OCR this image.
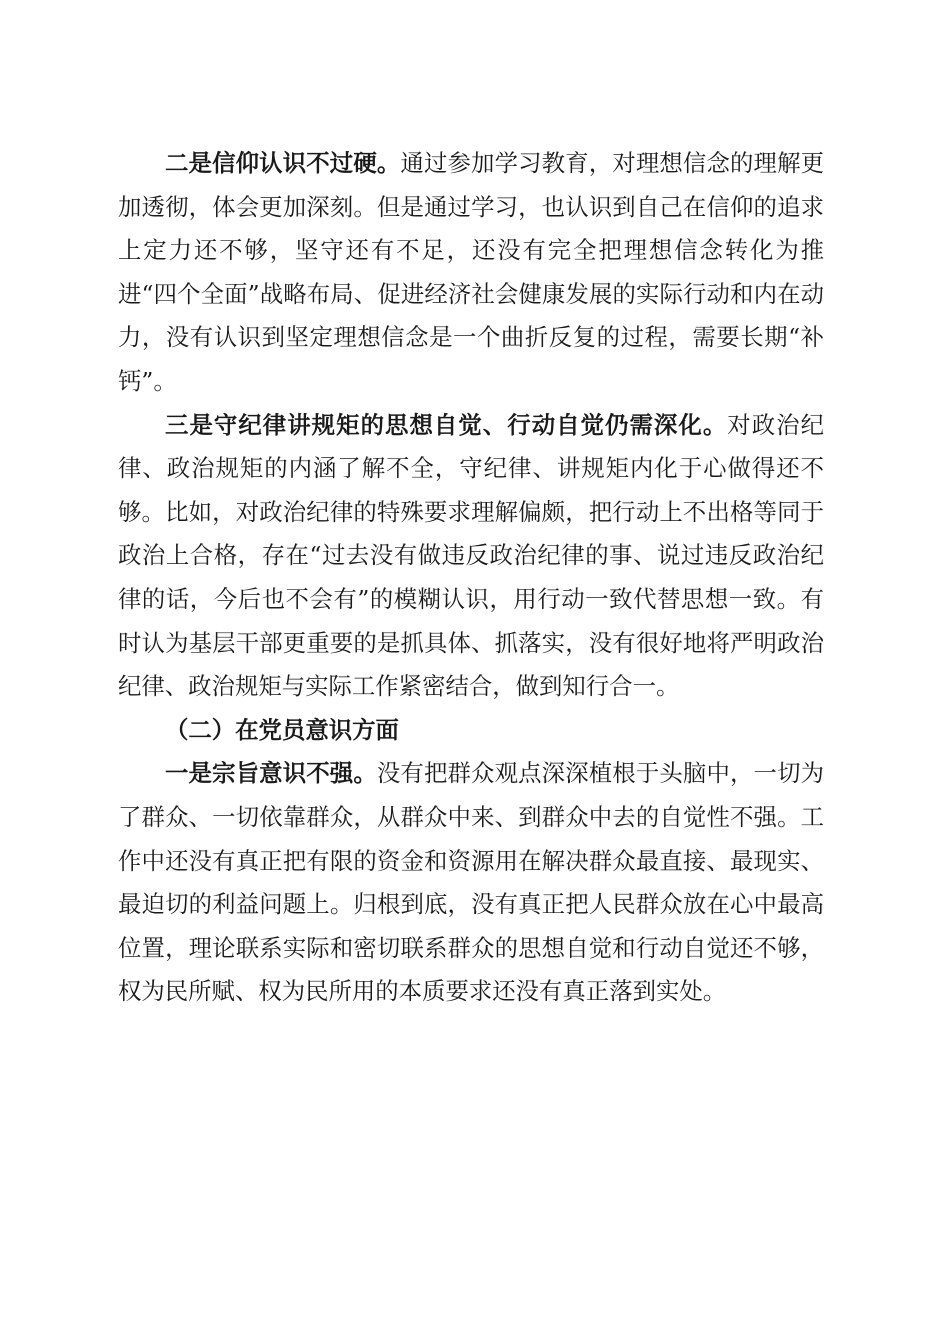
二是信仰认识不过硬。通过参加学习教育，对理想信念的理解更加透彻，体会更加深刻。但是通过学习，也认识到自己在信仰的追求上定力还不够，坚守还有不足，还没有完全把理想信念转化为推进“四个全面”战略布局、促进经济社会健康发展的实际行动和内在动力，没有认识到坚定理想信念是一个曲折反复的过程，需要长期“补钙”。

三是守纪律讲规矩的思想自觉、行动自觉仍需深化。对政治纪律、政治规矩的内涵了解不全，守纪律、讲规矩内化于心做得还不够。比如，对政治纪律的特殊要求理解偏颇，把行动上不出格等同于政治上合格，存在“过去没有做违反政治纪律的事、说过违反政治纪律的话，今后也不会有”的模糊认识，用行动一致代替思想一致。有时认为基层干部更重要的是抓具体、抓落实，没有很好地将严明政治纪律、政治规矩与实际工作紧密结合，做到知行合一。

（二）在党员意识方面

一是宗旨意识不强。没有把群众观点深深植根于头脑中，一切为了群众、一切依靠群众，从群众中来、到群众中去的自觉性不强。工作中还没有真正把有限的资金和资源用在解决群众最直接、最现实、最迫切的利益问题上。归根到底，没有真正把人民群众放在心中最高位置，理论联系实际和密切联系群众的思想自觉和行动自觉还不够，权为民所赋、权为民所用的本质要求还没有真正落到实处。
